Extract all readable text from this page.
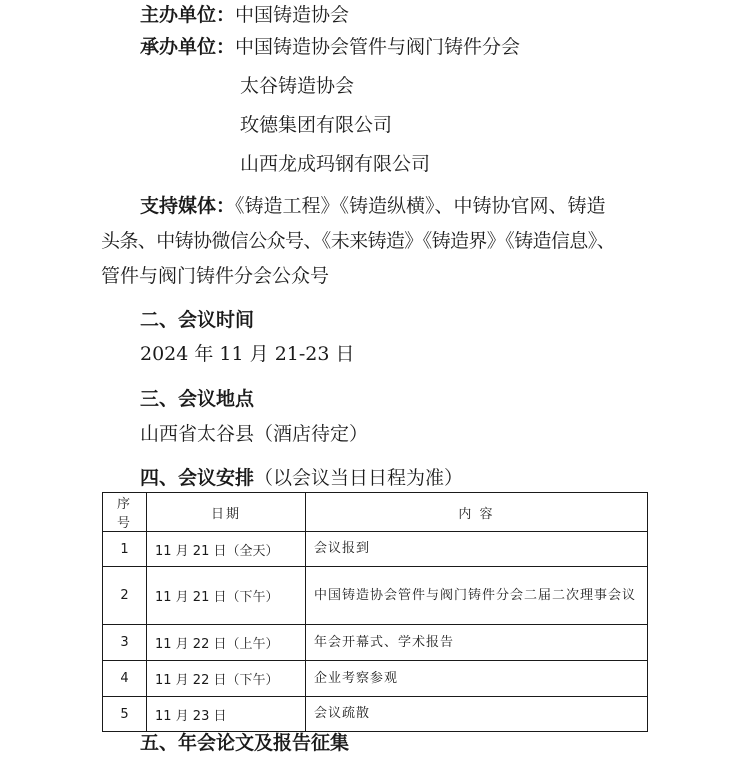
主办单位：中国铸造协会
承办单位：中国铸造协会管件与阀门铸件分会
太谷铸造协会
玫德集团有限公司
山西龙成玛钢有限公司
支持媒体：《铸造工程》《铸造纵横》、中铸协官网、铸造
头条、中铸协微信公众号、《未来铸造》《铸造界》《铸造信息》、
管件与阀门铸件分会公众号
二、会议时间
2024 年 11 月 21-23 日
三、会议地点
山西省太谷县（酒店待定）
四、会议安排（以会议当日日程为准）
序号	日期	内 容
1	11 月 21 日（全天）	会议报到
2	11 月 21 日（下午）	中国铸造协会管件与阀门铸件分会二届二次理事会议
3	11 月 22 日（上午）	年会开幕式、学术报告
4	11 月 22 日（下午）	企业考察参观
5	11 月 23 日	会议疏散
五、年会论文及报告征集
